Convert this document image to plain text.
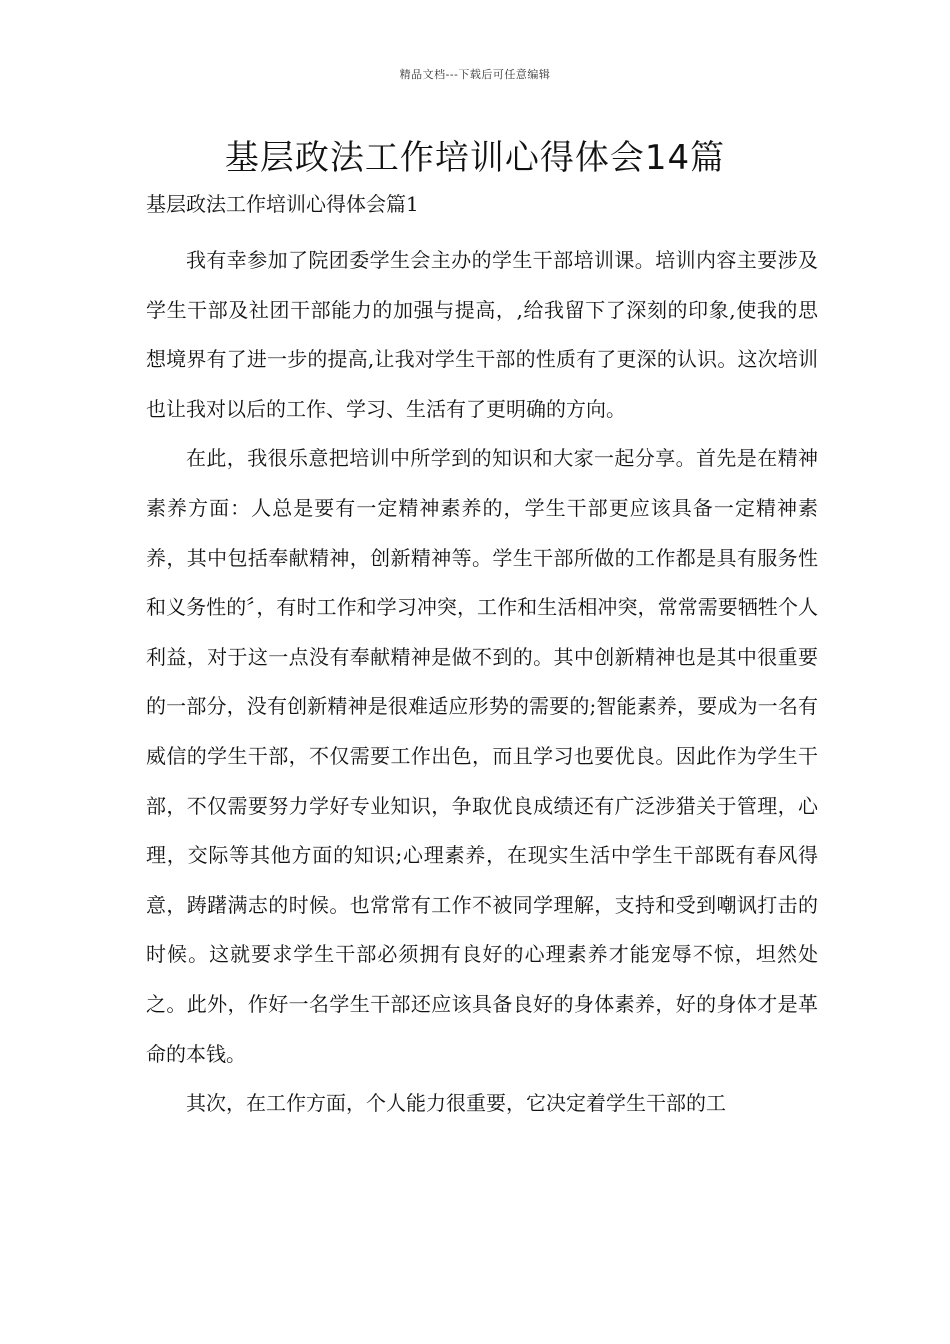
精品文档---下载后可任意编辑
基层政法工作培训心得体会14篇
基层政法工作培训心得体会篇1

我有幸参加了院团委学生会主办的学生干部培训课。培训内容主要涉及学生干部及社团干部能力的加强与提高，,给我留下了深刻的印象,使我的思想境界有了进一步的提高,让我对学生干部的性质有了更深的认识。这次培训也让我对以后的工作、学习、生活有了更明确的方向。

在此，我很乐意把培训中所学到的知识和大家一起分享。首先是在精神素养方面：人总是要有一定精神素养的，学生干部更应该具备一定精神素养，其中包括奉献精神，创新精神等。学生干部所做的工作都是具有服务性和义务性的〞，有时工作和学习冲突，工作和生活相冲突，常常需要牺牲个人利益，对于这一点没有奉献精神是做不到的。其中创新精神也是其中很重要的一部分，没有创新精神是很难适应形势的需要的;智能素养，要成为一名有威信的学生干部，不仅需要工作出色，而且学习也要优良。因此作为学生干部，不仅需要努力学好专业知识，争取优良成绩还有广泛涉猎关于管理，心理，交际等其他方面的知识;心理素养，在现实生活中学生干部既有春风得意，踌躇满志的时候。也常常有工作不被同学理解，支持和受到嘲讽打击的时候。这就要求学生干部必须拥有良好的心理素养才能宠辱不惊，坦然处之。此外，作好一名学生干部还应该具备良好的身体素养，好的身体才是革命的本钱。

其次，在工作方面，个人能力很重要，它决定着学生干部的工
